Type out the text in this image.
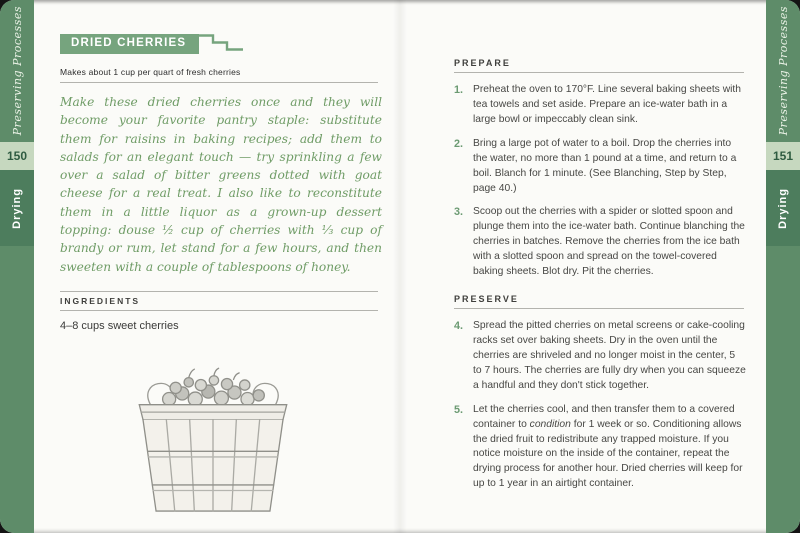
Preserving Processes
150
Drying
Preserving Processes
151
Drying
DRIED CHERRIES
Makes about 1 cup per quart of fresh cherries

Make these dried cherries once and they will become your favorite pantry staple: substitute them for raisins in baking recipes; add them to salads for an elegant touch — try sprinkling a few over a salad of bitter greens dotted with goat cheese for a real treat. I also like to reconstitute them in a little liquor as a grown-up dessert topping: douse ½ cup of cherries with ⅓ cup of brandy or rum, let stand for a few hours, and then sweeten with a couple of tablespoons of honey.

INGREDIENTS
4–8 cups sweet cherries
PREPARE
1. Preheat the oven to 170°F. Line several baking sheets with tea towels and set aside. Prepare an ice-water bath in a large bowl or impeccably clean sink.
2. Bring a large pot of water to a boil. Drop the cherries into the water, no more than 1 pound at a time, and return to a boil. Blanch for 1 minute. (See Blanching, Step by Step, page 40.)
3. Scoop out the cherries with a spider or slotted spoon and plunge them into the ice-water bath. Continue blanching the cherries in batches. Remove the cherries from the ice bath with a slotted spoon and spread on the towel-covered baking sheets. Blot dry. Pit the cherries.
PRESERVE
4. Spread the pitted cherries on metal screens or cake-cooling racks set over baking sheets. Dry in the oven until the cherries are shriveled and no longer moist in the center, 5 to 7 hours. The cherries are fully dry when you can squeeze a handful and they don't stick together.
5. Let the cherries cool, and then transfer them to a covered container to condition for 1 week or so. Conditioning allows the dried fruit to redistribute any trapped moisture. If you notice moisture on the inside of the container, repeat the drying process for another hour. Dried cherries will keep for up to 1 year in an airtight container.
